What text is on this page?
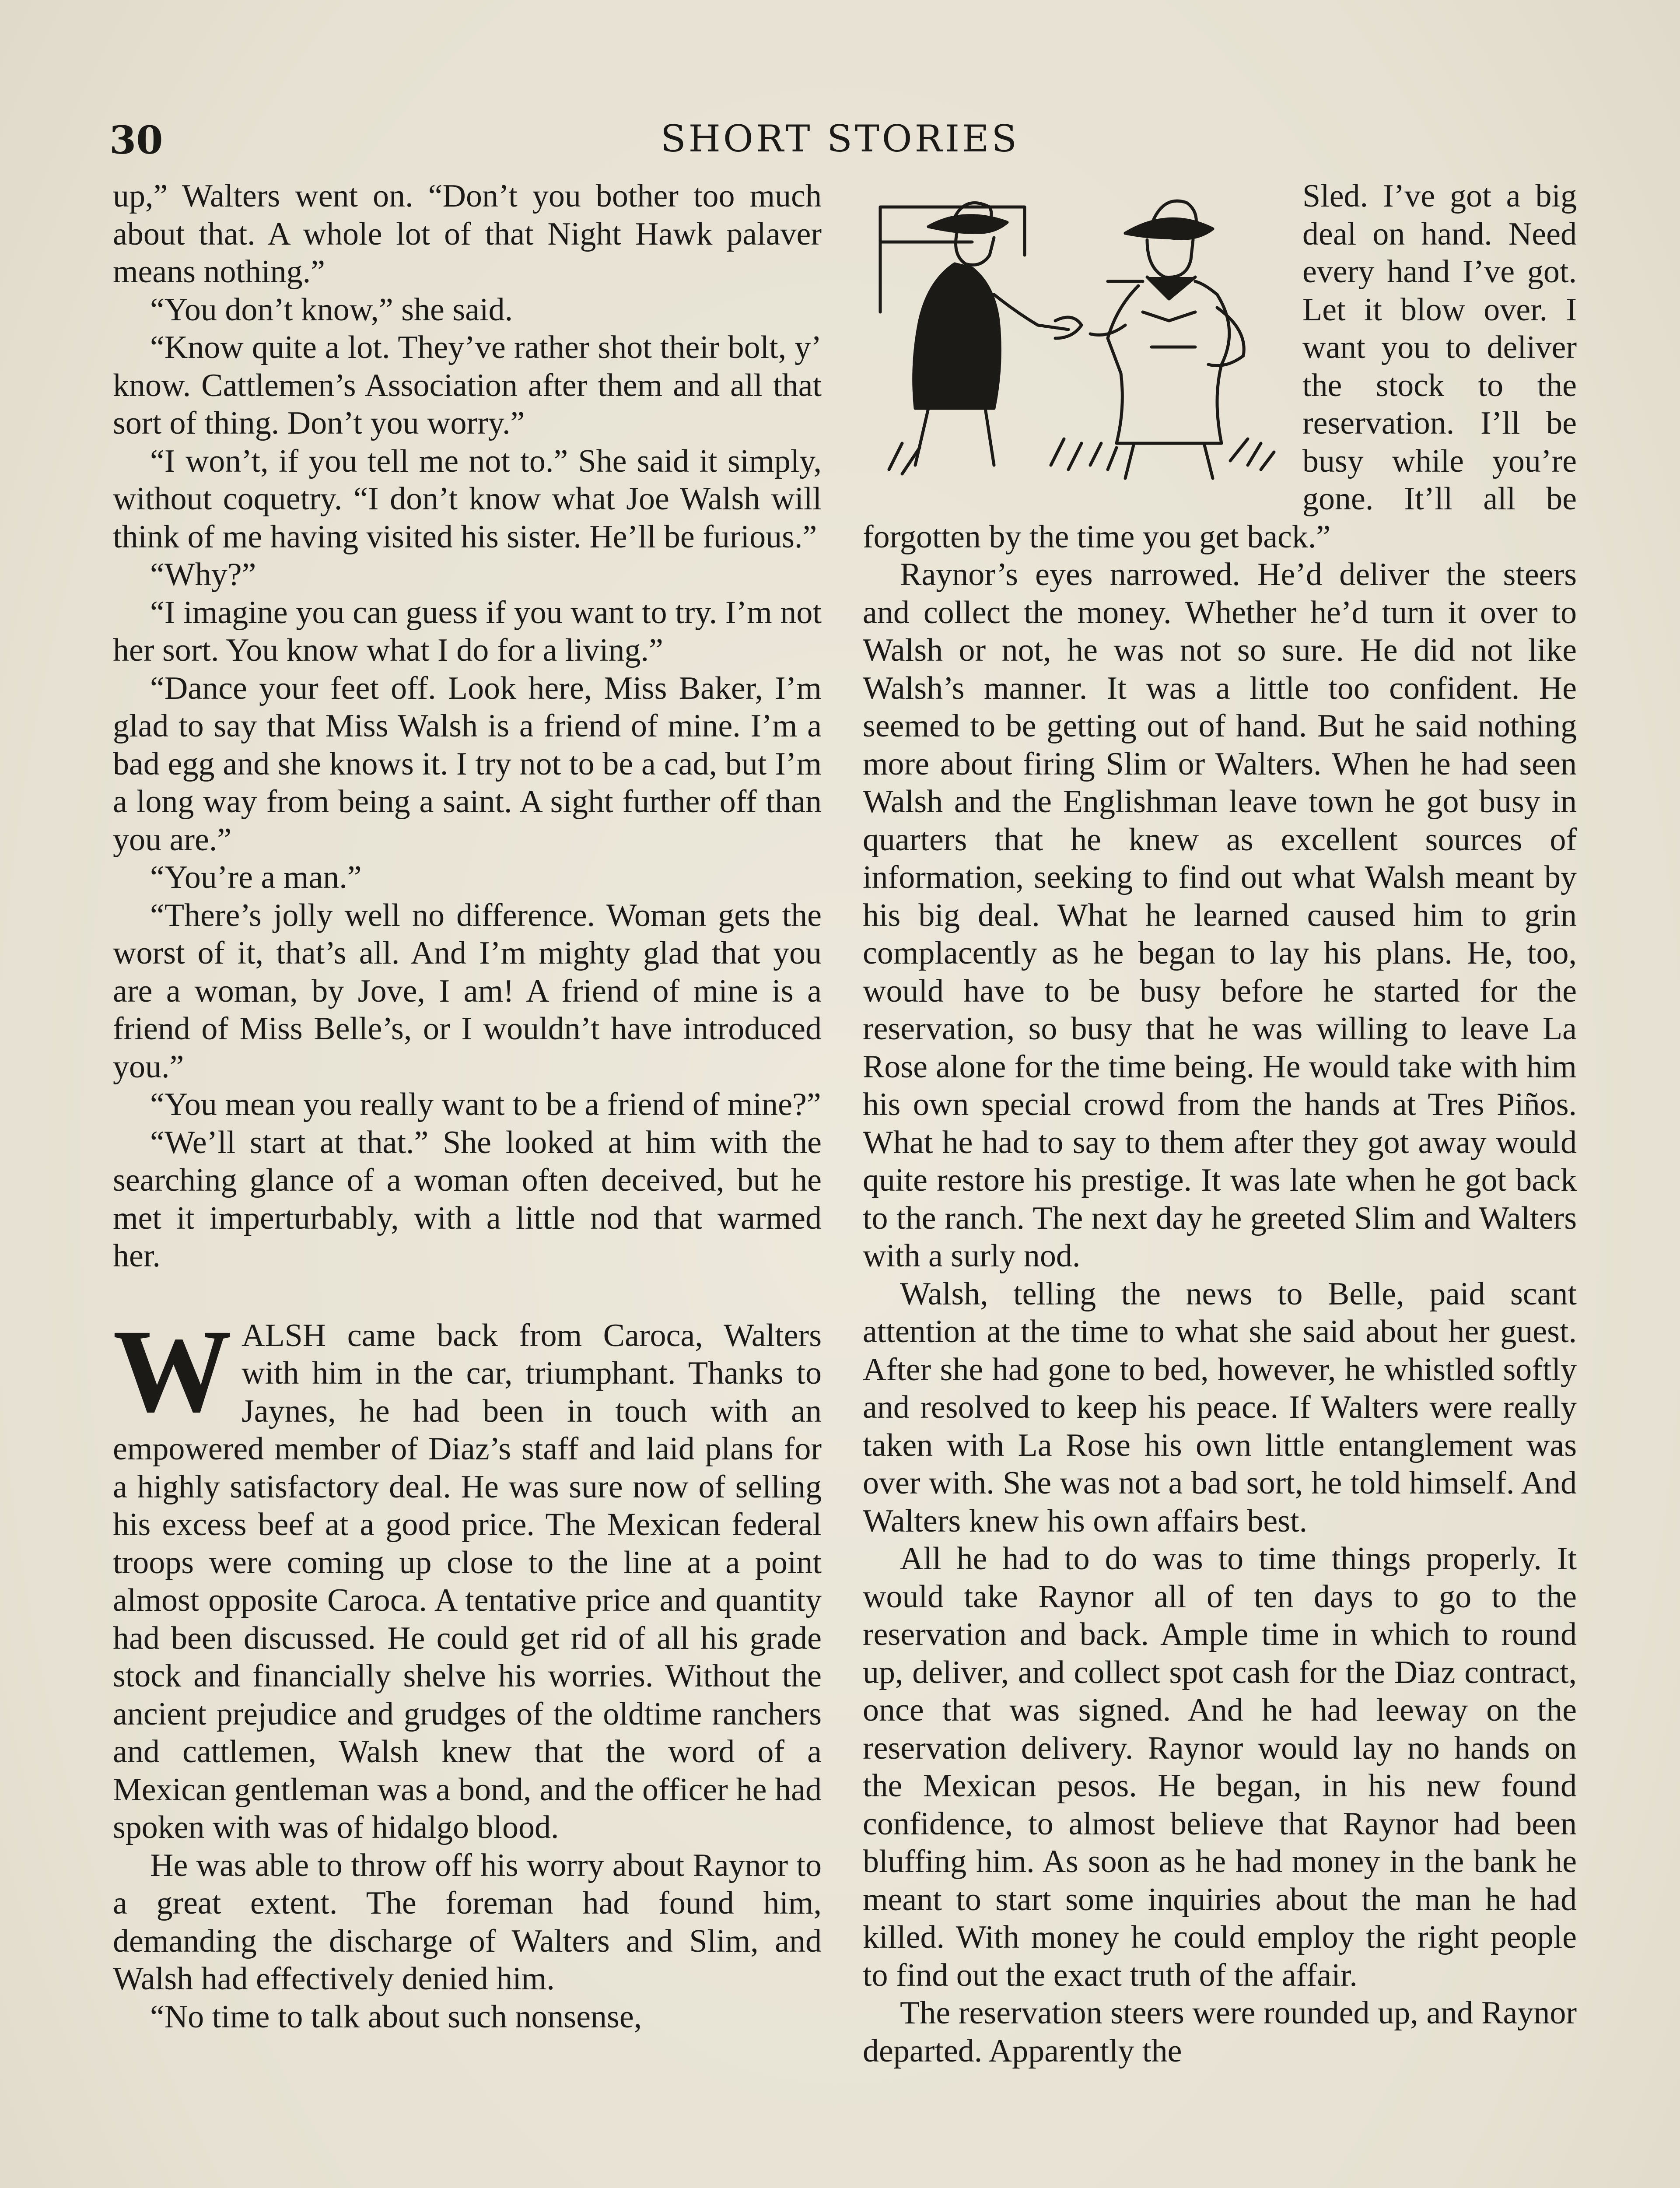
30	SHORT STORIES

up,” Walters went on. “Don’t you bother too much about that. A whole lot of that Night Hawk palaver means nothing.”

“You don’t know,” she said.

“Know quite a lot. They’ve rather shot their bolt, y’ know. Cattlemen’s Association after them and all that sort of thing. Don’t you worry.”

“I won’t, if you tell me not to.” She said it simply, without coquetry. “I don’t know what Joe Walsh will think of me having visited his sister. He’ll be furious.”

“Why?”

“I imagine you can guess if you want to try. I’m not her sort. You know what I do for a living.”

“Dance your feet off. Look here, Miss Baker, I’m glad to say that Miss Walsh is a friend of mine. I’m a bad egg and she knows it. I try not to be a cad, but I’m a long way from being a saint. A sight further off than you are.”

“You’re a man.”

“There’s jolly well no difference. Woman gets the worst of it, that’s all. And I’m mighty glad that you are a woman, by Jove, I am! A friend of mine is a friend of Miss Belle’s, or I wouldn’t have introduced you.”

“You mean you really want to be a friend of mine?”

“We’ll start at that.” She looked at him with the searching glance of a woman often deceived, but he met it imperturbably, with a little nod that warmed her.

WALSH came back from Caroca, Walters with him in the car, triumphant. Thanks to Jaynes, he had been in touch with an empowered member of Diaz’s staff and laid plans for a highly satisfactory deal. He was sure now of selling his excess beef at a good price. The Mexican federal troops were coming up close to the line at a point almost opposite Caroca. A tentative price and quantity had been discussed. He could get rid of all his grade stock and financially shelve his worries. Without the ancient prejudice and grudges of the oldtime ranchers and cattlemen, Walsh knew that the word of a Mexican gentleman was a bond, and the officer he had spoken with was of hidalgo blood.

He was able to throw off his worry about Raynor to a great extent. The foreman had found him, demanding the discharge of Walters and Slim, and Walsh had effectively denied him.

“No time to talk about such nonsense,

Sled. I’ve got a big deal on hand. Need every hand I’ve got. Let it blow over. I want you to deliver the stock to the reservation. I’ll be busy while you’re gone. It’ll all be forgotten by the time you get back.”

Raynor’s eyes narrowed. He’d deliver the steers and collect the money. Whether he’d turn it over to Walsh or not, he was not so sure. He did not like Walsh’s manner. It was a little too confident. He seemed to be getting out of hand. But he said nothing more about firing Slim or Walters. When he had seen Walsh and the Englishman leave town he got busy in quarters that he knew as excellent sources of information, seeking to find out what Walsh meant by his big deal. What he learned caused him to grin complacently as he began to lay his plans. He, too, would have to be busy before he started for the reservation, so busy that he was willing to leave La Rose alone for the time being. He would take with him his own special crowd from the hands at Tres Piños. What he had to say to them after they got away would quite restore his prestige. It was late when he got back to the ranch. The next day he greeted Slim and Walters with a surly nod.

Walsh, telling the news to Belle, paid scant attention at the time to what she said about her guest. After she had gone to bed, however, he whistled softly and resolved to keep his peace. If Walters were really taken with La Rose his own little entanglement was over with. She was not a bad sort, he told himself. And Walters knew his own affairs best.

All he had to do was to time things properly. It would take Raynor all of ten days to go to the reservation and back. Ample time in which to round up, deliver, and collect spot cash for the Diaz contract, once that was signed. And he had leeway on the reservation delivery. Raynor would lay no hands on the Mexican pesos. He began, in his new found confidence, to almost believe that Raynor had been bluffing him. As soon as he had money in the bank he meant to start some inquiries about the man he had killed. With money he could employ the right people to find out the exact truth of the affair.

The reservation steers were rounded up, and Raynor departed. Apparently the
